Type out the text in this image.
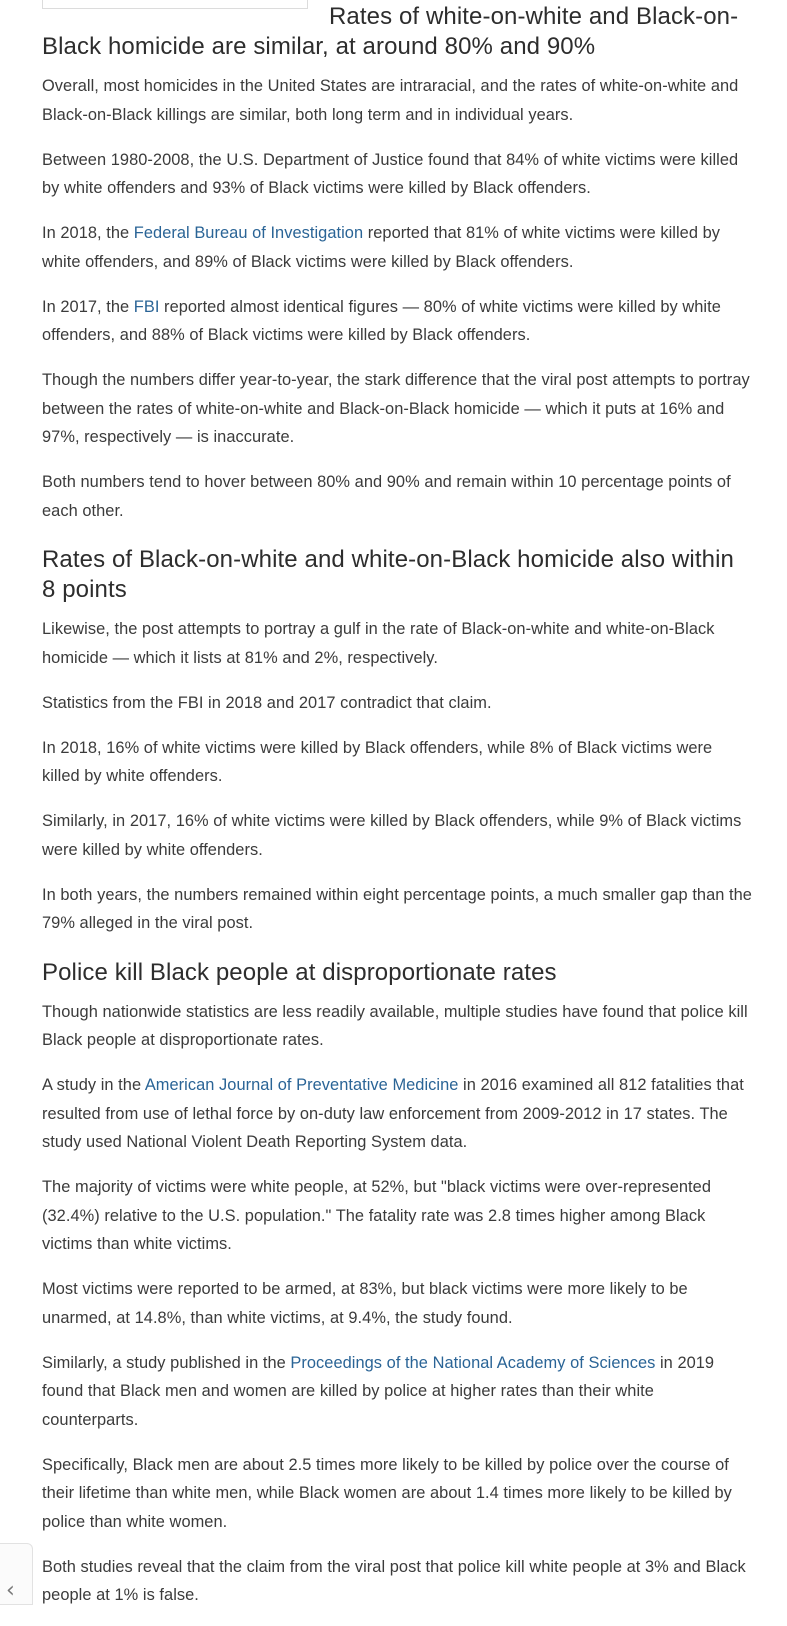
Rates of white-on-white and Black-on-Black homicide are similar, at around 80% and 90%

Overall, most homicides in the United States are intraracial, and the rates of white-on-white and Black-on-Black killings are similar, both long term and in individual years.

Between 1980-2008, the U.S. Department of Justice found that 84% of white victims were killed by white offenders and 93% of Black victims were killed by Black offenders.

In 2018, the Federal Bureau of Investigation reported that 81% of white victims were killed by white offenders, and 89% of Black victims were killed by Black offenders.

In 2017, the FBI reported almost identical figures — 80% of white victims were killed by white offenders, and 88% of Black victims were killed by Black offenders.

Though the numbers differ year-to-year, the stark difference that the viral post attempts to portray between the rates of white-on-white and Black-on-Black homicide — which it puts at 16% and 97%, respectively — is inaccurate.

Both numbers tend to hover between 80% and 90% and remain within 10 percentage points of each other.

Rates of Black-on-white and white-on-Black homicide also within 8 points

Likewise, the post attempts to portray a gulf in the rate of Black-on-white and white-on-Black homicide — which it lists at 81% and 2%, respectively.

Statistics from the FBI in 2018 and 2017 contradict that claim.

In 2018, 16% of white victims were killed by Black offenders, while 8% of Black victims were killed by white offenders.

Similarly, in 2017, 16% of white victims were killed by Black offenders, while 9% of Black victims were killed by white offenders.

In both years, the numbers remained within eight percentage points, a much smaller gap than the 79% alleged in the viral post.

Police kill Black people at disproportionate rates

Though nationwide statistics are less readily available, multiple studies have found that police kill Black people at disproportionate rates.

A study in the American Journal of Preventative Medicine in 2016 examined all 812 fatalities that resulted from use of lethal force by on-duty law enforcement from 2009-2012 in 17 states. The study used National Violent Death Reporting System data.

The majority of victims were white people, at 52%, but "black victims were over-represented (32.4%) relative to the U.S. population." The fatality rate was 2.8 times higher among Black victims than white victims.

Most victims were reported to be armed, at 83%, but black victims were more likely to be unarmed, at 14.8%, than white victims, at 9.4%, the study found.

Similarly, a study published in the Proceedings of the National Academy of Sciences in 2019 found that Black men and women are killed by police at higher rates than their white counterparts.

Specifically, Black men are about 2.5 times more likely to be killed by police over the course of their lifetime than white men, while Black women are about 1.4 times more likely to be killed by police than white women.

Both studies reveal that the claim from the viral post that police kill white people at 3% and Black people at 1% is false.

‹
